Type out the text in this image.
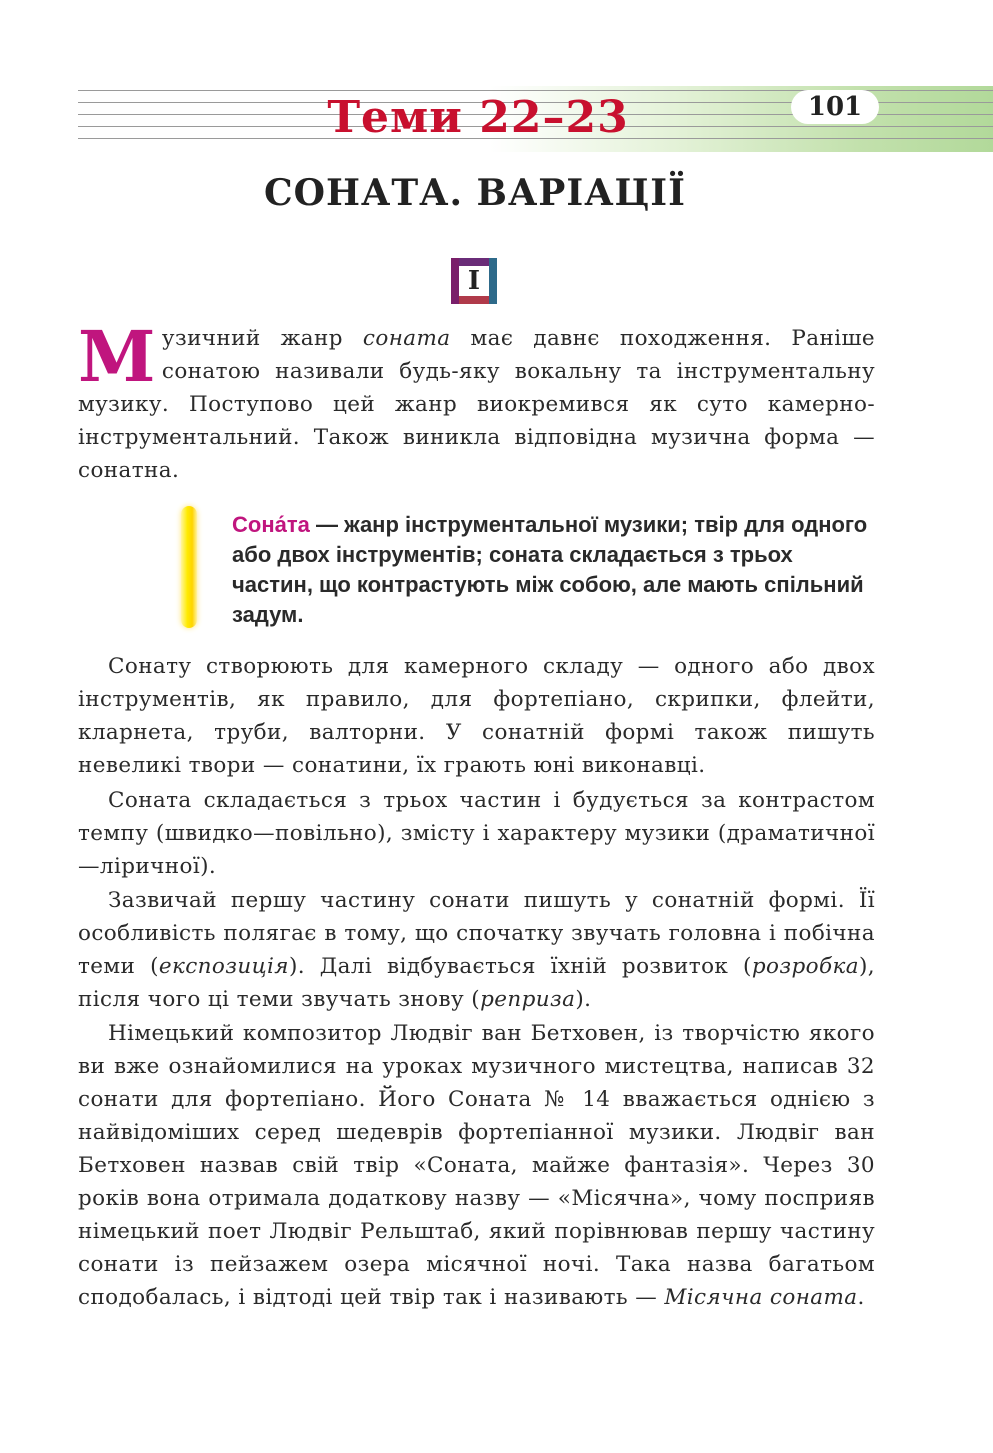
101
Теми 22–23
СОНАТА. ВАРІАЦІЇ
I

Музичний жанр соната має давнє походження. Раніше сонатою називали будь-яку вокальну та інструментальну музику. Поступово цей жанр виокремився як суто камерно-інструментальний. Також виникла відповідна музична форма — сонатна.

Сона́та — жанр інструментальної музики; твір для одного або двох інструментів; соната складається з трьох частин, що контрастують між собою, але мають спільний задум.

Сонату створюють для камерного складу — одного або двох інструментів, як правило, для фортепіано, скрипки, флейти, кларнета, труби, валторни. У сонатній формі також пишуть невеликі твори — сонатини, їх грають юні виконавці.

Соната складається з трьох частин і будується за контрастом темпу (швидко—повільно), змісту і характеру музики (драматичної—ліричної).

Зазвичай першу частину сонати пишуть у сонатній формі. Її особливість полягає в тому, що спочатку звучать головна і побічна теми (експозиція). Далі відбувається їхній розвиток (розробка), після чого ці теми звучать знову (реприза).

Німецький композитор Людвіг ван Бетховен, із творчістю якого ви вже ознайомилися на уроках музичного мистецтва, написав 32 сонати для фортепіано. Його Соната № 14 вважається однією з найвідоміших серед шедеврів фортепіанної музики. Людвіг ван Бетховен назвав свій твір «Соната, майже фантазія». Через 30 років вона отримала додаткову назву — «Місячна», чому посприяв німецький поет Людвіг Рельштаб, який порівнював першу частину сонати із пейзажем озера місячної ночі. Така назва багатьом сподобалась, і відтоді цей твір так і називають — Місячна соната.
